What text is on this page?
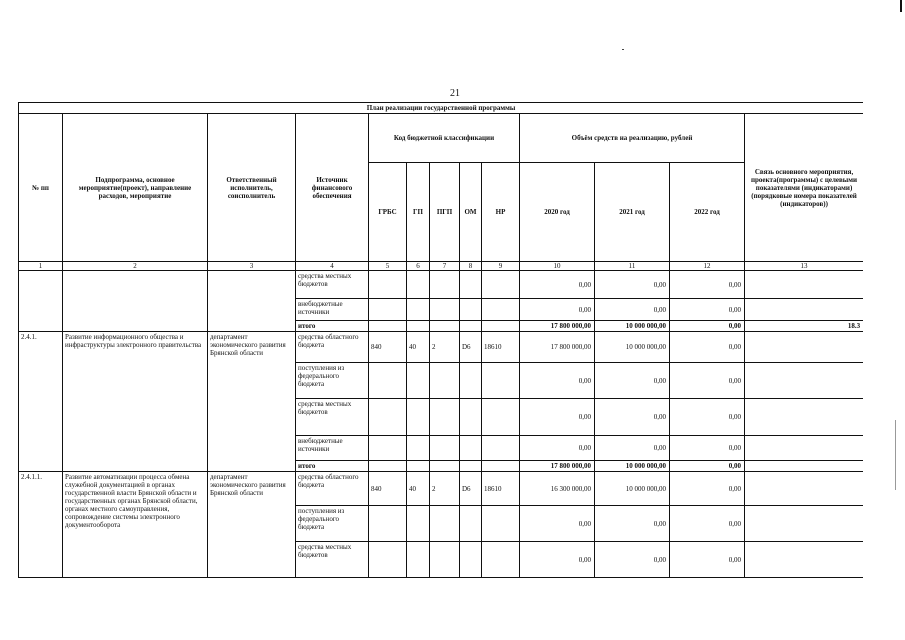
21
План реализации государственной программы												
№ пп	Подпрограмма, основное мероприятие(проект), направление расходов, мероприятие	Ответственный исполнитель, соисполнитель	Источник финансового обеспечения	Код бюджетной классификации					Объём средств на реализацию, рублей			Связь основного мероприятия, проекта(программы) с целевыми показателями (индикаторами) (порядковые номера показателей (индикаторов))
				ГРБС	ГП	ПГП	ОМ	НР	2020 год	2021 год	2022 год	
1	2	3	4	5	6	7	8	9	10	11	12	13
			средства местных бюджетов						0,00	0,00	0,00	
			внебюджетные источники						0,00	0,00	0,00	
			итого						17 800 000,00	10 000 000,00	0,00	18.3
2.4.1.	Развитие информационного общества и инфраструктуры электронного правительства	департамент экономического развития Брянской области	средства областного бюджета	840	40	2	D6	18610	17 800 000,00	10 000 000,00	0,00	
			поступления из федерального бюджета						0,00	0,00	0,00	
			средства местных бюджетов						0,00	0,00	0,00	
			внебюджетные источники						0,00	0,00	0,00	
			итого						17 800 000,00	10 000 000,00	0,00	
2.4.1.1.	Развитие автоматизации процесса обмена служебной документацией в органах государственной власти Брянской области и государственных органах Брянской области, органах местного самоуправления, сопровождение системы электронного документооборота	департамент экономического развития Брянской области	средства областного бюджета	840	40	2	D6	18610	16 300 000,00	10 000 000,00	0,00	
			поступления из федерального бюджета						0,00	0,00	0,00	
			средства местных бюджетов						0,00	0,00	0,00	
